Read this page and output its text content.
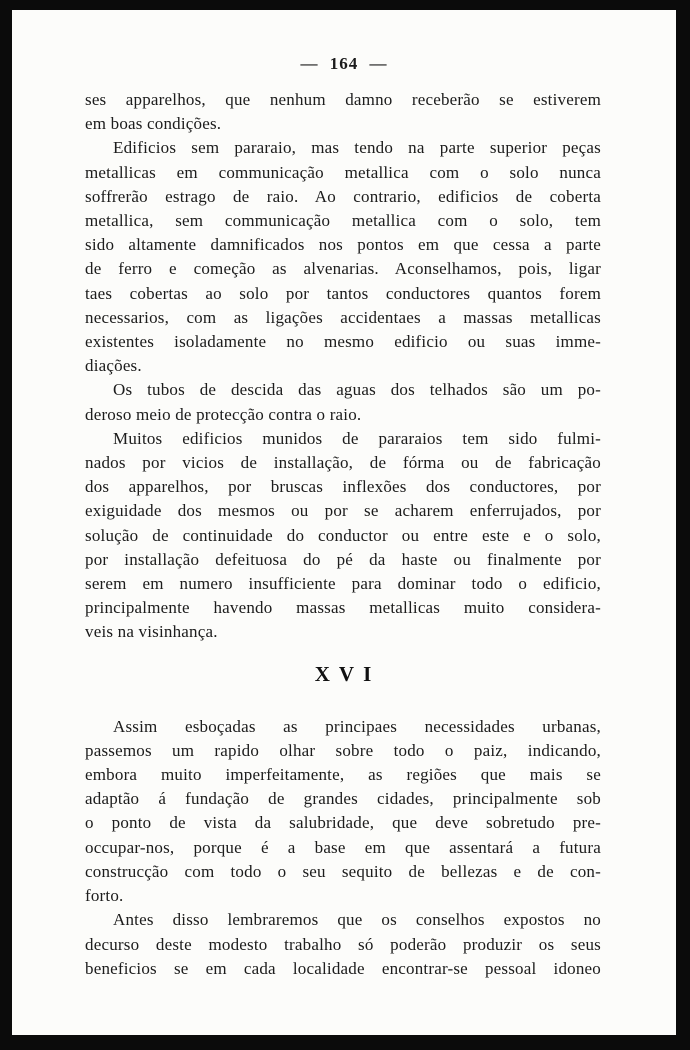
— 164 —
ses apparelhos, que nenhum damno receberão se estiverem
em boas condições.
Edificios sem pararaio, mas tendo na parte superior peças
metallicas em communicação metallica com o solo nunca
soffrerão estrago de raio. Ao contrario, edificios de coberta
metallica, sem communicação metallica com o solo, tem
sido altamente damnificados nos pontos em que cessa a parte
de ferro e começão as alvenarias. Aconselhamos, pois, ligar
taes cobertas ao solo por tantos conductores quantos forem
necessarios, com as ligações accidentaes a massas metallicas
existentes isoladamente no mesmo edificio ou suas imme-
diações.
Os tubos de descida das aguas dos telhados são um po-
deroso meio de protecção contra o raio.
Muitos edificios munidos de pararaios tem sido fulmi-
nados por vicios de installação, de fórma ou de fabricação
dos apparelhos, por bruscas inflexões dos conductores, por
exiguidade dos mesmos ou por se acharem enferrujados, por
solução de continuidade do conductor ou entre este e o solo,
por installação defeituosa do pé da haste ou finalmente por
serem em numero insufficiente para dominar todo o edificio,
principalmente havendo massas metallicas muito considera-
veis na visinhança.
XVI
Assim esboçadas as principaes necessidades urbanas,
passemos um rapido olhar sobre todo o paiz, indicando,
embora muito imperfeitamente, as regiões que mais se
adaptão á fundação de grandes cidades, principalmente sob
o ponto de vista da salubridade, que deve sobretudo pre-
occupar-nos, porque é a base em que assentará a futura
construcção com todo o seu sequito de bellezas e de con-
forto.
Antes disso lembraremos que os conselhos expostos no
decurso deste modesto trabalho só poderão produzir os seus
beneficios se em cada localidade encontrar-se pessoal idoneo
